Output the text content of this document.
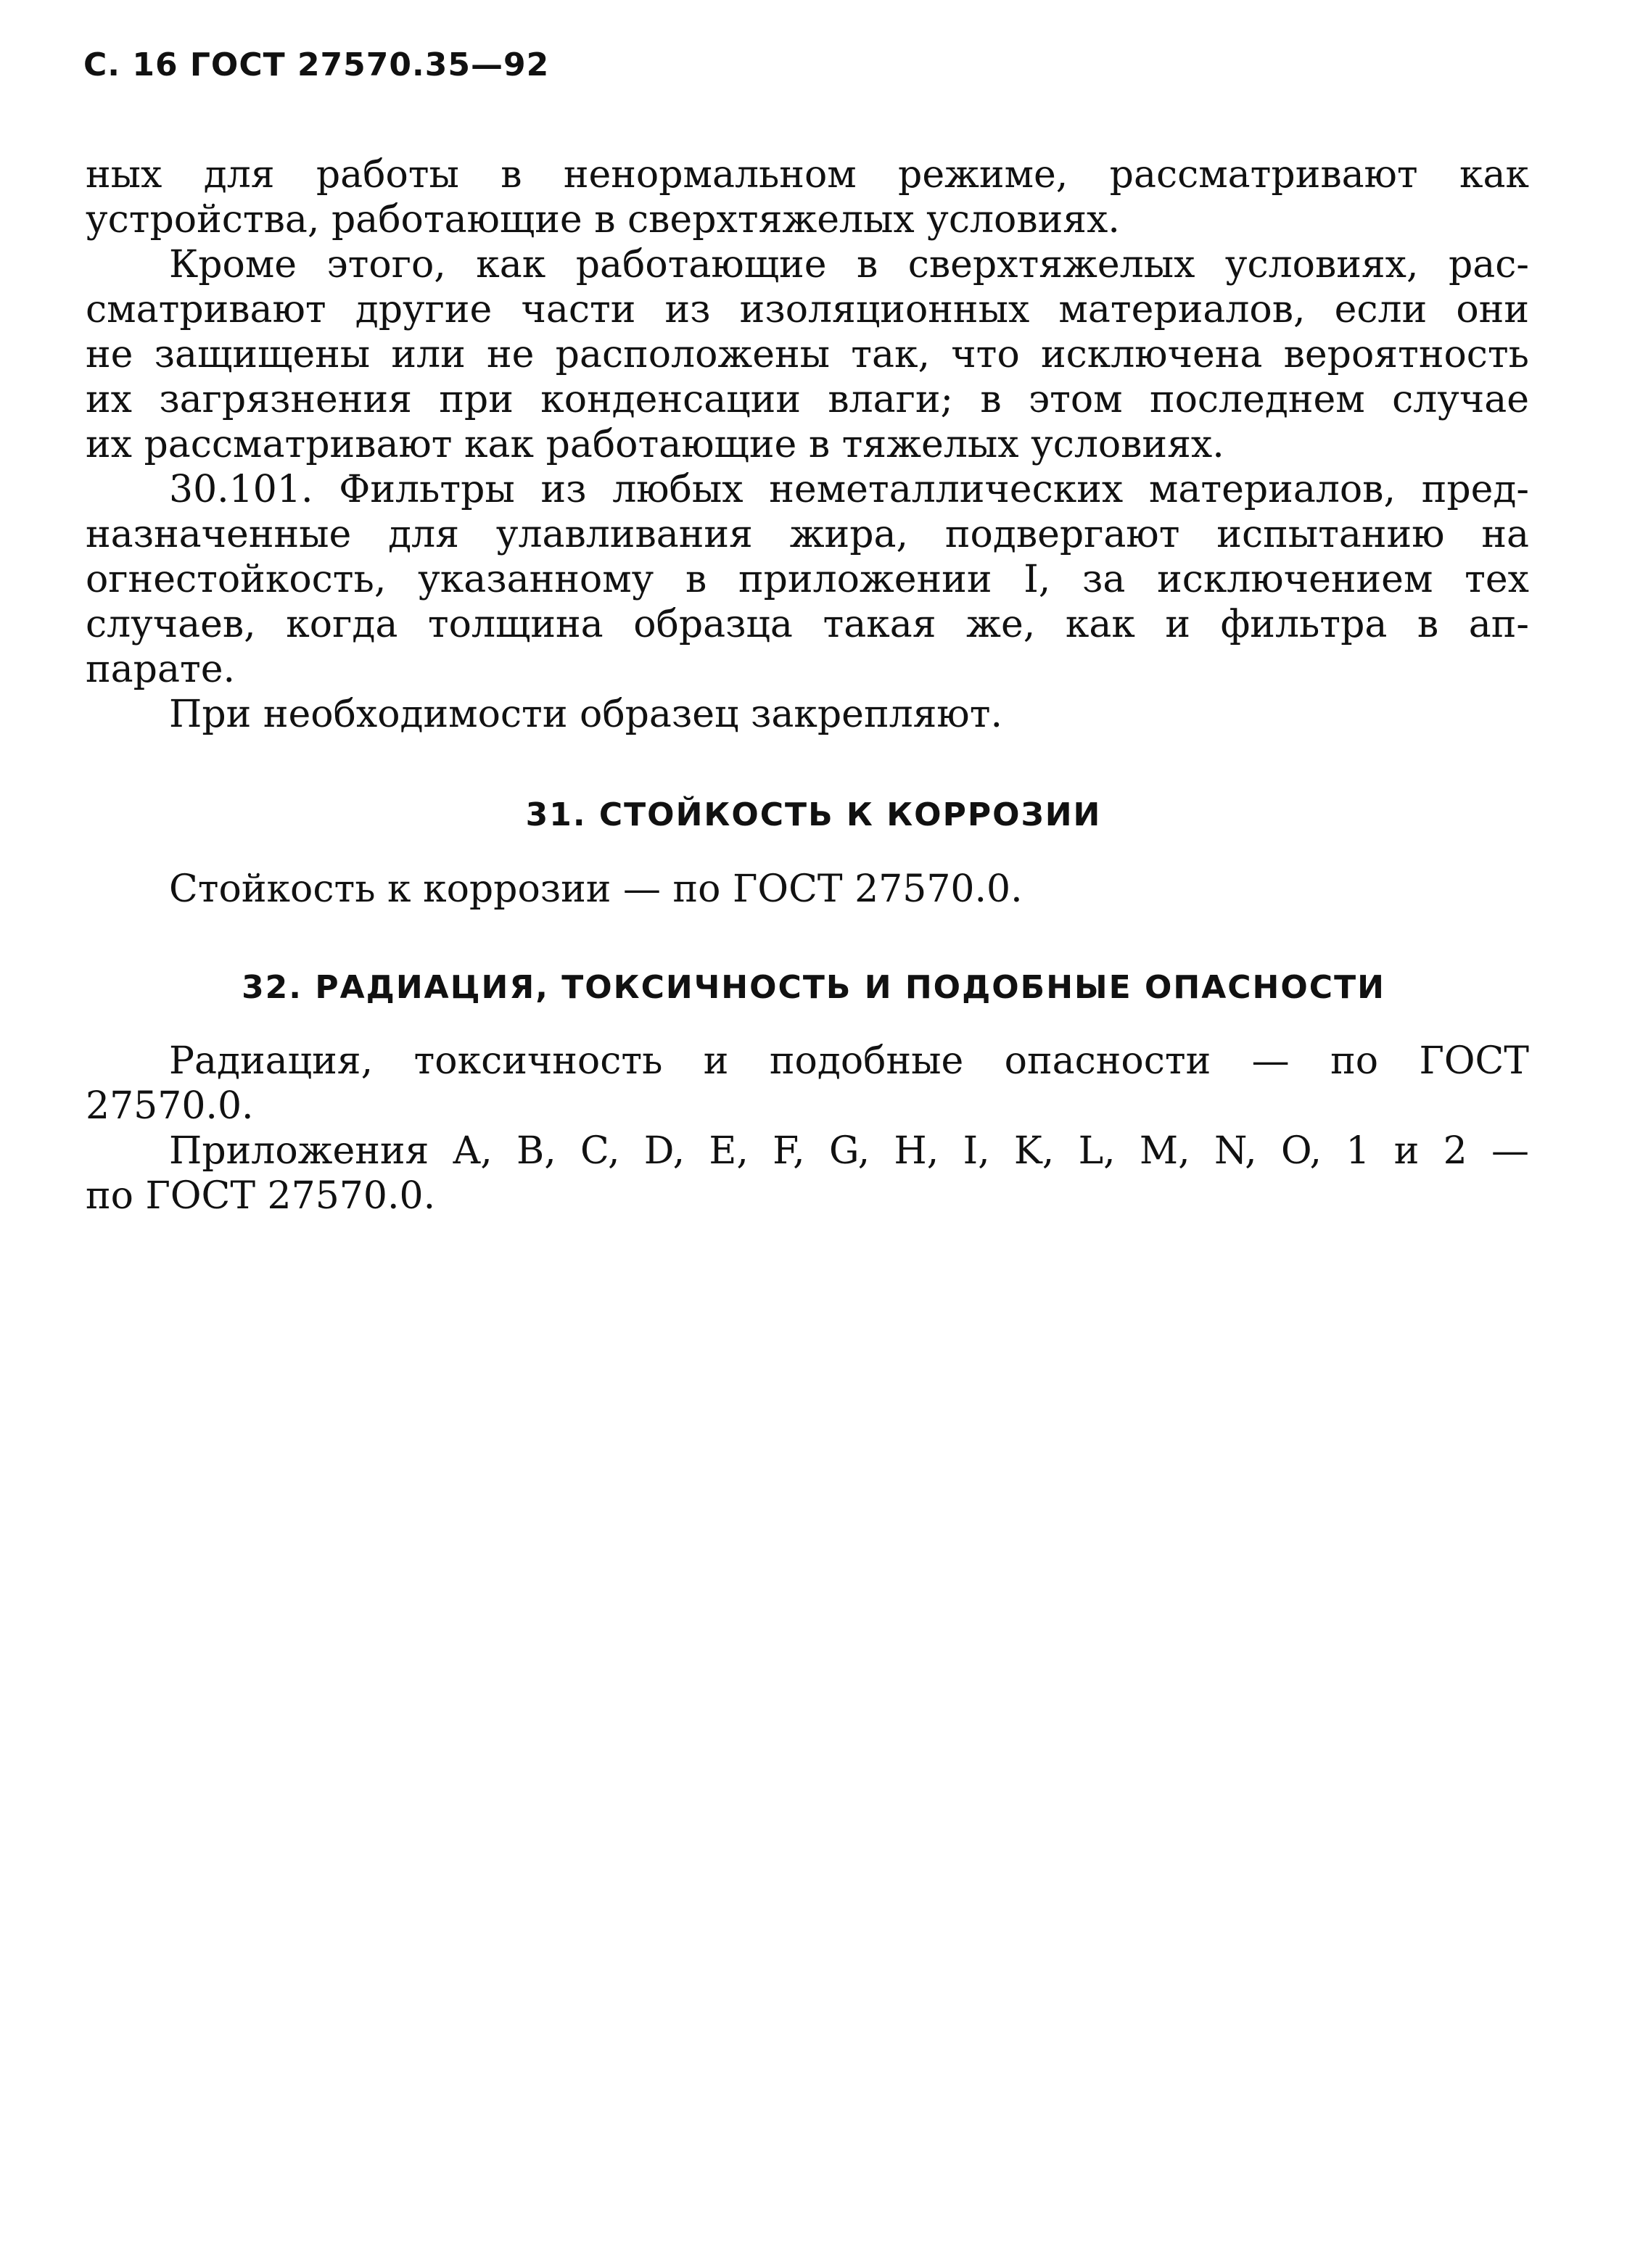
С. 16 ГОСТ 27570.35—92
ных для работы в ненормальном режиме, рассматривают как
устройства, работающие в сверхтяжелых условиях.
Кроме этого, как работающие в сверхтяжелых условиях, рас-
сматривают другие части из изоляционных материалов, если они
не защищены или не расположены так, что исключена вероятность
их загрязнения при конденсации влаги; в этом последнем случае
их рассматривают как работающие в тяжелых условиях.
30.101. Фильтры из любых неметаллических материалов, пред-
назначенные для улавливания жира, подвергают испытанию на
огнестойкость, указанному в приложении I, за исключением тех
случаев, когда толщина образца такая же, как и фильтра в ап-
парате.
При необходимости образец закрепляют.
31. СТОЙКОСТЬ К КОРРОЗИИ
Стойкость к коррозии — по ГОСТ 27570.0.
32. РАДИАЦИЯ, ТОКСИЧНОСТЬ И ПОДОБНЫЕ ОПАСНОСТИ
Радиация, токсичность и подобные опасности — по ГОСТ
27570.0.
Приложения A, B, C, D, E, F, G, H, I, K, L, M, N, O, 1 и 2 —
по ГОСТ 27570.0.
